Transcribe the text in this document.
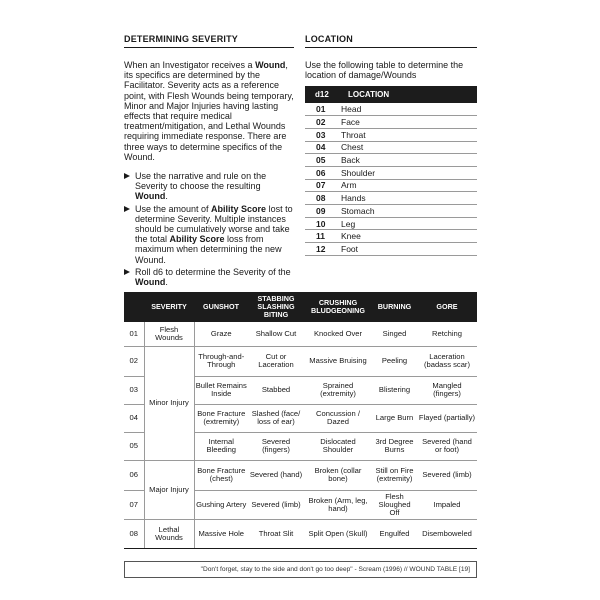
DETERMINING SEVERITY

When an Investigator receives a Wound, its specifics are determined by the Facilitator. Severity acts as a reference point, with Flesh Wounds being temporary, Minor and Major Injuries having lasting effects that require medical treatment/mitigation, and Lethal Wounds requiring immediate response. There are three ways to determine specifics of the Wound.

Use the narrative and rule on the Severity to choose the resulting Wound.
Use the amount of Ability Score lost to determine Severity. Multiple instances should be cumulatively worse and take the total Ability Score loss from maximum when determining the new Wound.
Roll d6 to determine the Severity of the Wound.
LOCATION

Use the following table to determine the location of damage/Wounds

d12	LOCATION
01	Head
02	Face
03	Throat
04	Chest
05	Back
06	Shoulder
07	Arm
08	Hands
09	Stomach
10	Leg
11	Knee
12	Foot
	SEVERITY	GUNSHOT	STABBING SLASHING BITING	CRUSHING BLUDGEONING	BURNING	GORE
01	Flesh Wounds	Graze	Shallow Cut	Knocked Over	Singed	Retching
02	Minor Injury	Through-and-Through	Cut or Laceration	Massive Bruising	Peeling	Laceration (badass scar)
03		Bullet Remains Inside	Stabbed	Sprained (extremity)	Blistering	Mangled (fingers)
04		Bone Fracture (extremity)	Slashed (face/ loss of ear)	Concussion / Dazed	Large Burn	Flayed (partially)
05		Internal Bleeding	Severed (fingers)	Dislocated Shoulder	3rd Degree Burns	Severed (hand or foot)
06	Major Injury	Bone Fracture (chest)	Severed (hand)	Broken (collar bone)	Still on Fire (extremity)	Severed (limb)
07		Gushing Artery	Severed (limb)	Broken (Arm, leg, hand)	Flesh Sloughed Off	Impaled
08	Lethal Wounds	Massive Hole	Throat Slit	Split Open (Skull)	Engulfed	Disemboweled
"Don't forget, stay to the side and don't go too deep" - Scream (1996) // WOUND TABLE [19]
